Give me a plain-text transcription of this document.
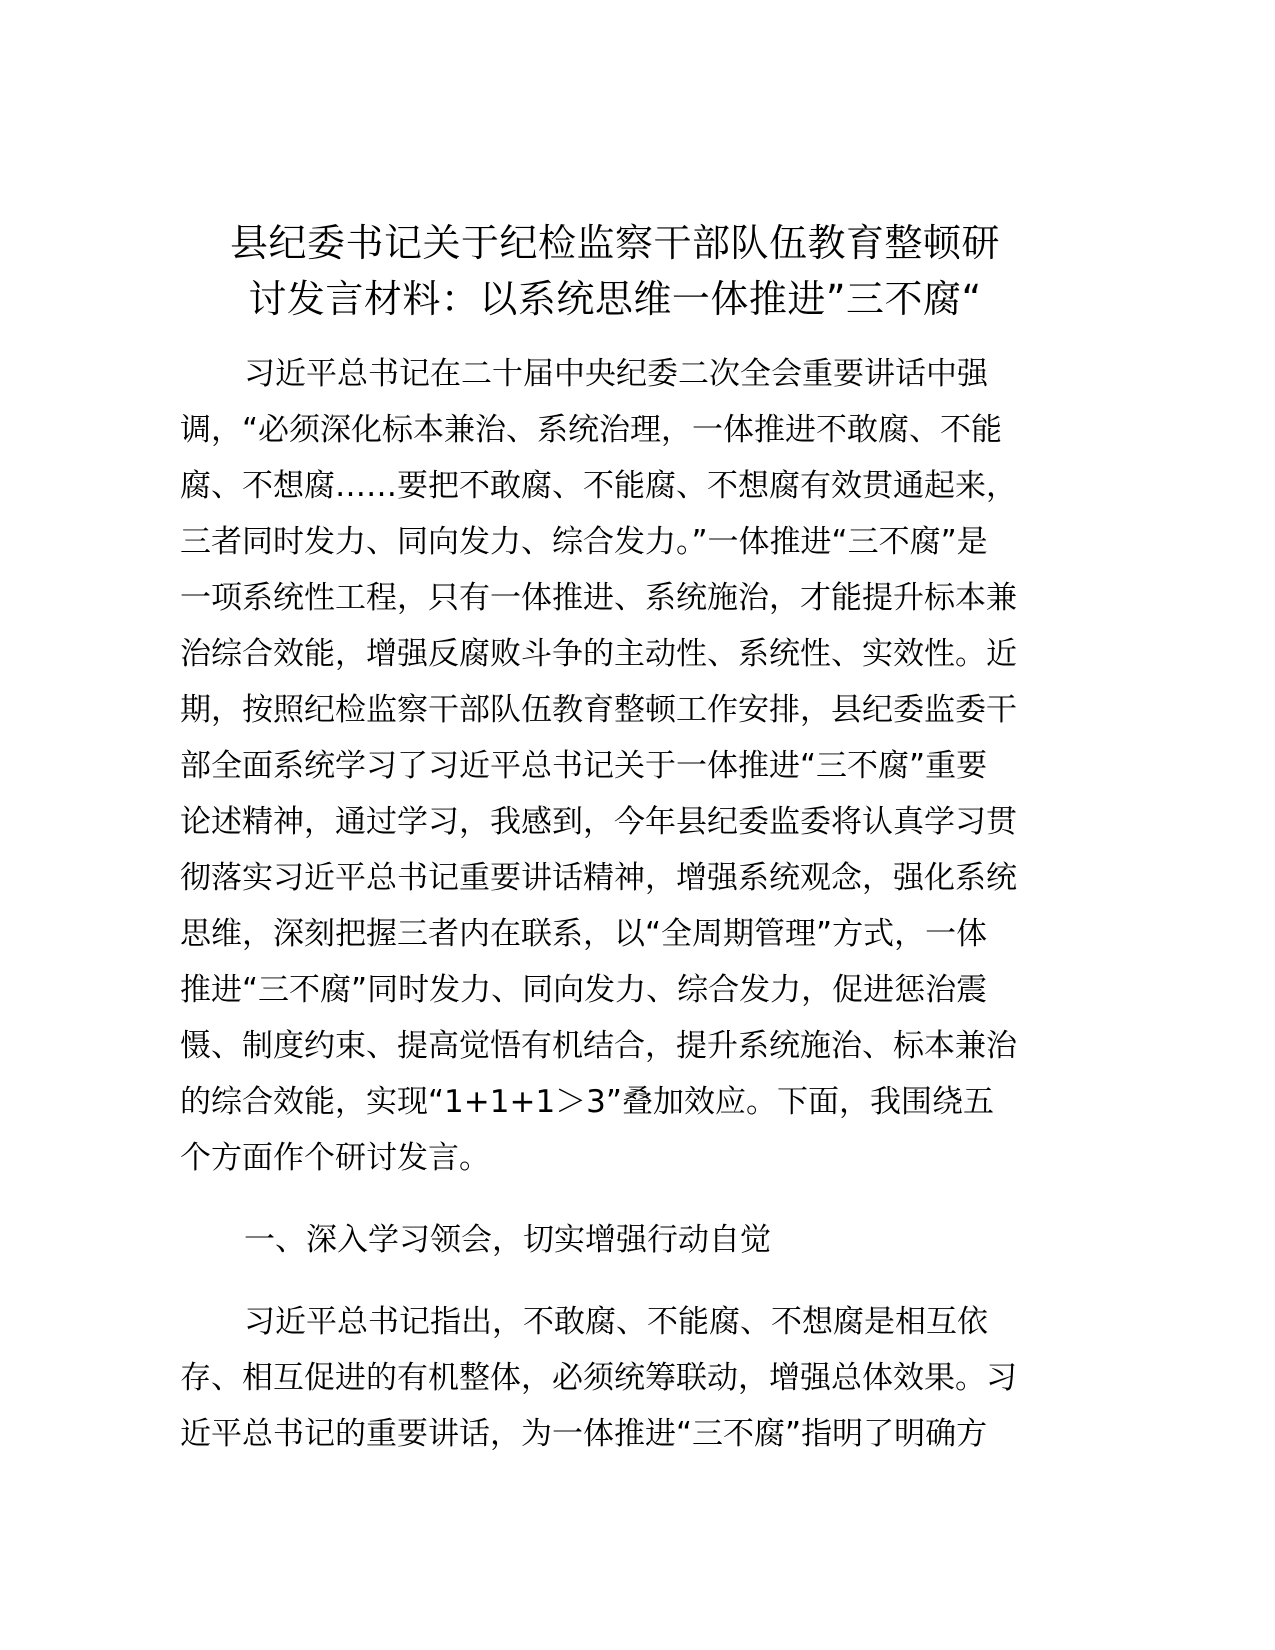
县纪委书记关于纪检监察干部队伍教育整顿研
讨发言材料：以系统思维一体推进”三不腐“
习近平总书记在二十届中央纪委二次全会重要讲话中强
调，“必须深化标本兼治、系统治理，一体推进不敢腐、不能
腐、不想腐……要把不敢腐、不能腐、不想腐有效贯通起来，
三者同时发力、同向发力、综合发力。”一体推进“三不腐”是
一项系统性工程，只有一体推进、系统施治，才能提升标本兼
治综合效能，增强反腐败斗争的主动性、系统性、实效性。近
期，按照纪检监察干部队伍教育整顿工作安排，县纪委监委干
部全面系统学习了习近平总书记关于一体推进“三不腐”重要
论述精神，通过学习，我感到，今年县纪委监委将认真学习贯
彻落实习近平总书记重要讲话精神，增强系统观念，强化系统
思维，深刻把握三者内在联系，以“全周期管理”方式，一体
推进“三不腐”同时发力、同向发力、综合发力，促进惩治震
慑、制度约束、提高觉悟有机结合，提升系统施治、标本兼治
的综合效能，实现“1+1+1＞3”叠加效应。下面，我围绕五
个方面作个研讨发言。
一、深入学习领会，切实增强行动自觉
习近平总书记指出，不敢腐、不能腐、不想腐是相互依
存、相互促进的有机整体，必须统筹联动，增强总体效果。习
近平总书记的重要讲话，为一体推进“三不腐”指明了明确方
